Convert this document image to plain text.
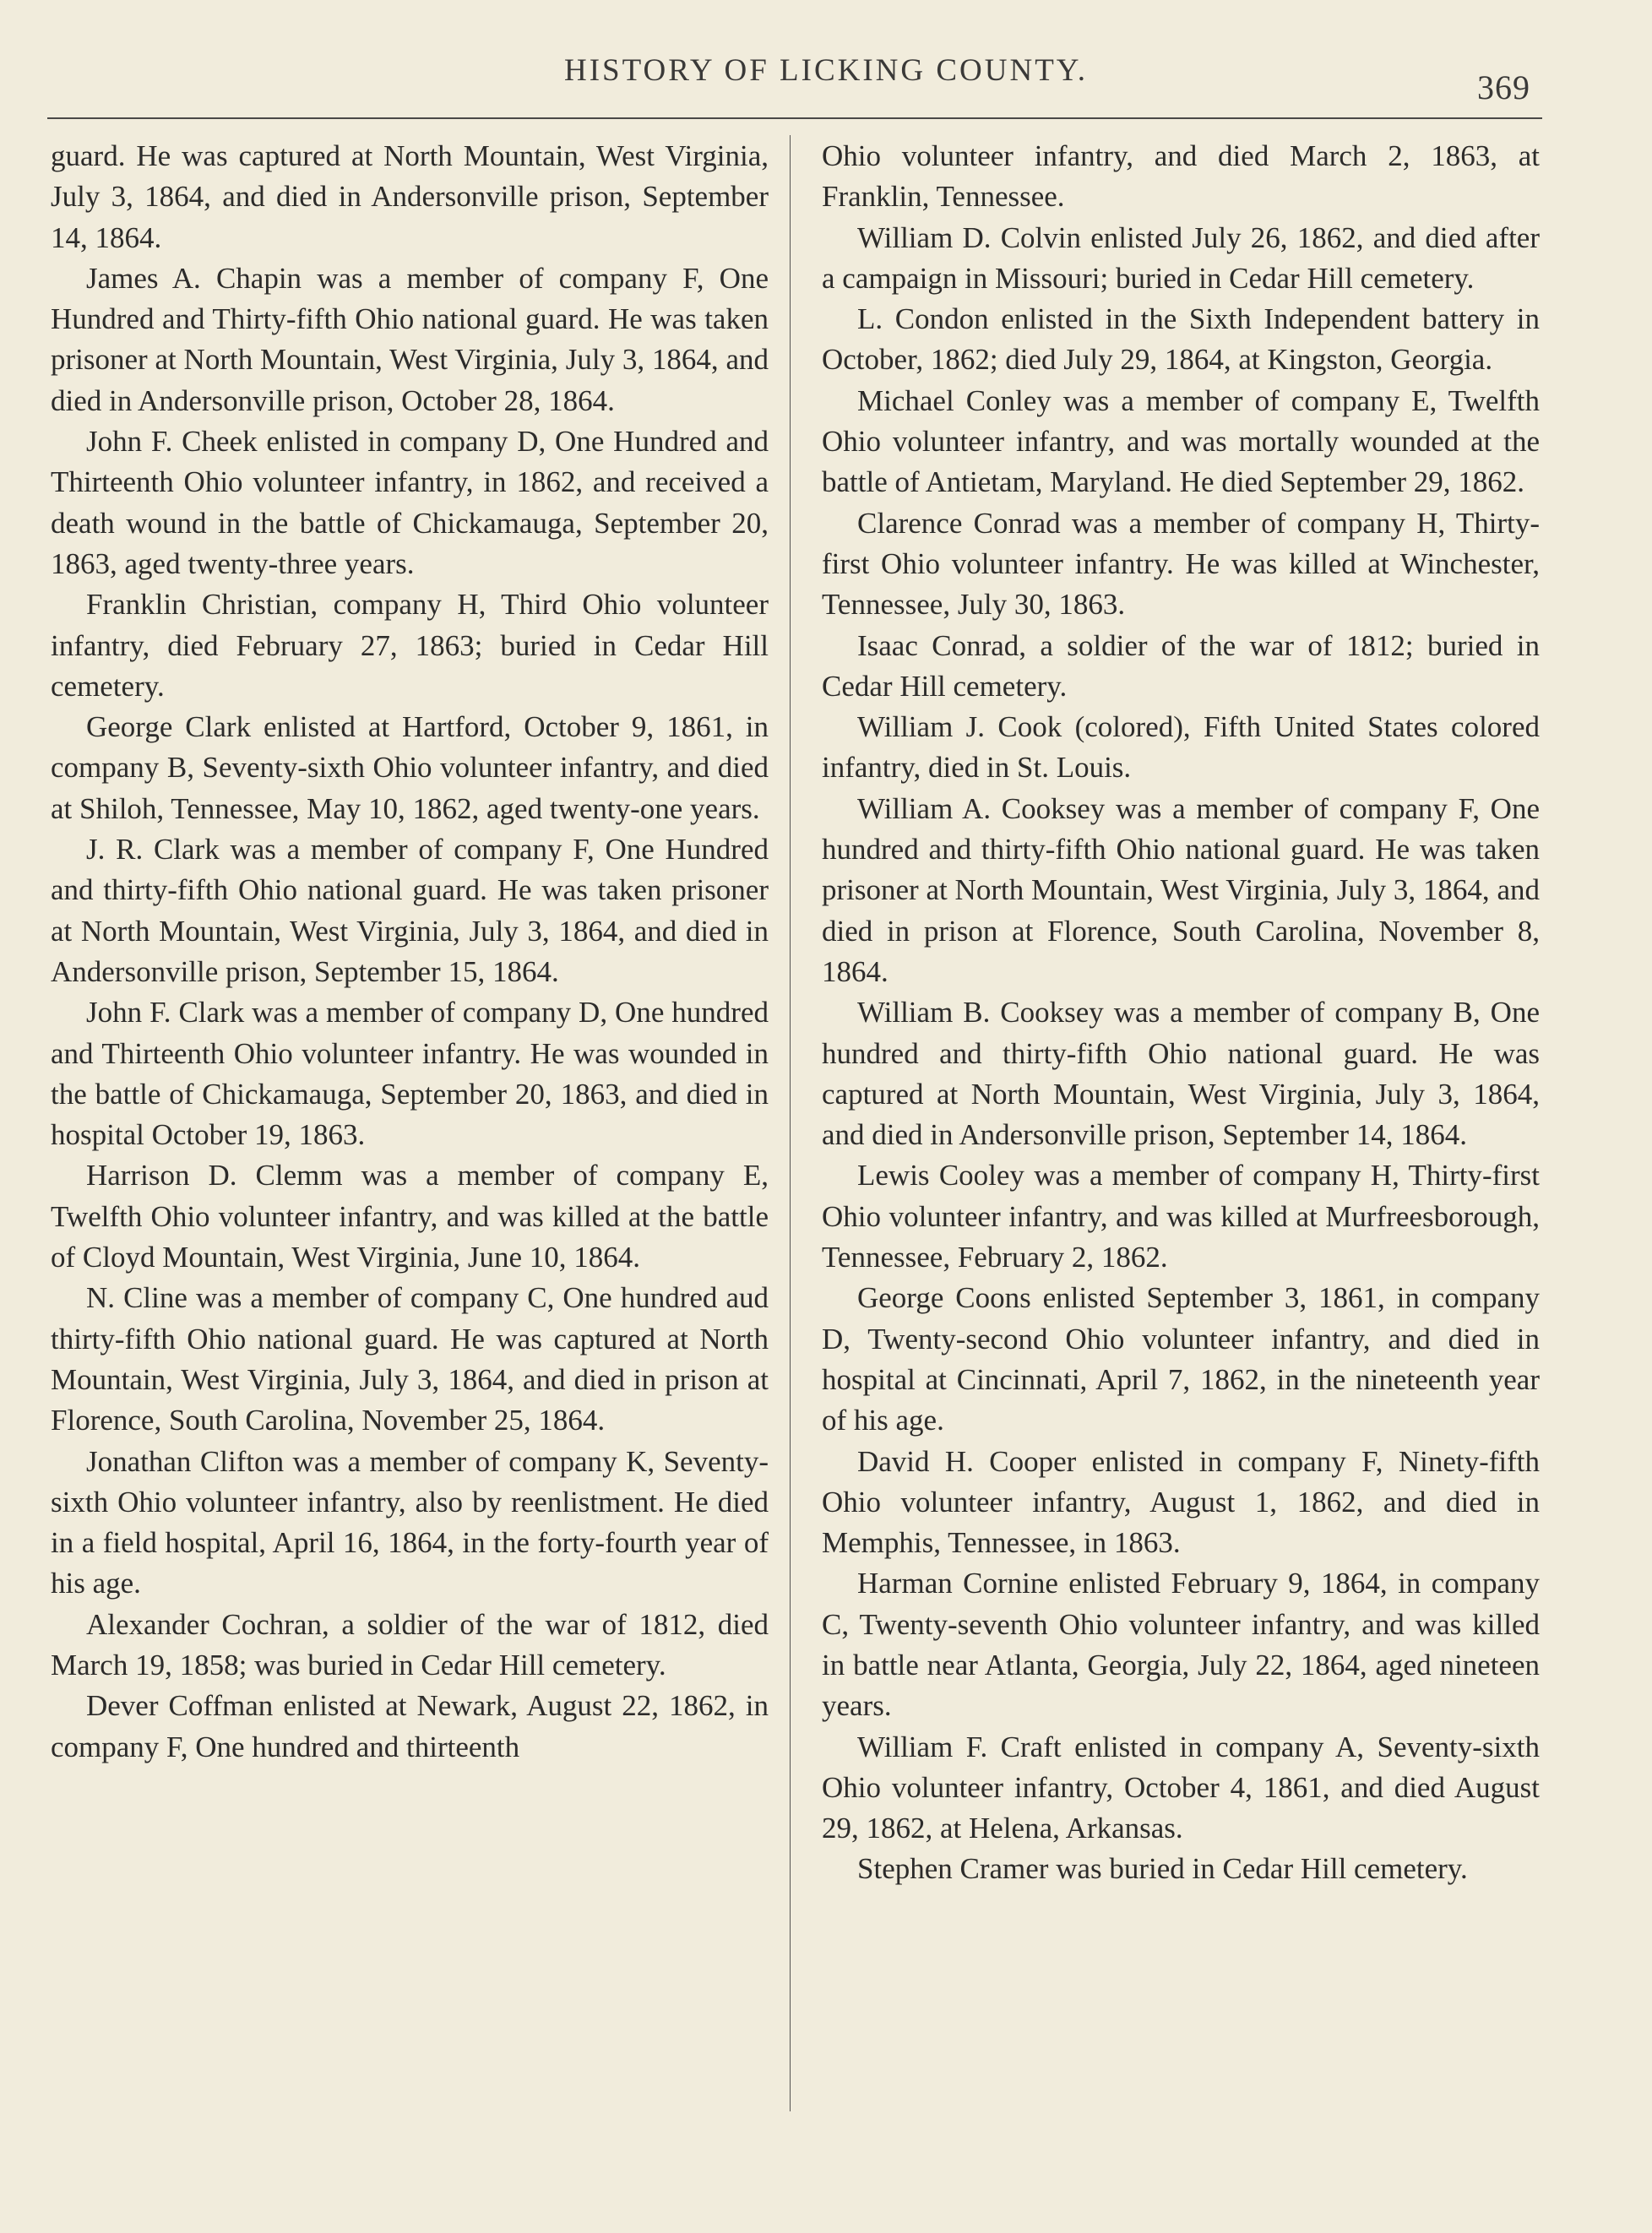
HISTORY OF LICKING COUNTY.	369

guard. He was captured at North Mountain, West Virginia, July 3, 1864, and died in Andersonville prison, September 14, 1864.

James A. Chapin was a member of company F, One Hundred and Thirty-fifth Ohio national guard. He was taken prisoner at North Mountain, West Virginia, July 3, 1864, and died in Andersonville prison, October 28, 1864.

John F. Cheek enlisted in company D, One Hundred and Thirteenth Ohio volunteer infantry, in 1862, and received a death wound in the battle of Chickamauga, September 20, 1863, aged twenty-three years.

Franklin Christian, company H, Third Ohio volunteer infantry, died February 27, 1863; buried in Cedar Hill cemetery.

George Clark enlisted at Hartford, October 9, 1861, in company B, Seventy-sixth Ohio volunteer infantry, and died at Shiloh, Tennessee, May 10, 1862, aged twenty-one years.

J. R. Clark was a member of company F, One Hundred and thirty-fifth Ohio national guard. He was taken prisoner at North Mountain, West Virginia, July 3, 1864, and died in Andersonville prison, September 15, 1864.

John F. Clark was a member of company D, One hundred and Thirteenth Ohio volunteer infantry. He was wounded in the battle of Chickamauga, September 20, 1863, and died in hospital October 19, 1863.

Harrison D. Clemm was a member of company E, Twelfth Ohio volunteer infantry, and was killed at the battle of Cloyd Mountain, West Virginia, June 10, 1864.

N. Cline was a member of company C, One hundred aud thirty-fifth Ohio national guard. He was captured at North Mountain, West Virginia, July 3, 1864, and died in prison at Florence, South Carolina, November 25, 1864.

Jonathan Clifton was a member of company K, Seventy-sixth Ohio volunteer infantry, also by reenlistment. He died in a field hospital, April 16, 1864, in the forty-fourth year of his age.

Alexander Cochran, a soldier of the war of 1812, died March 19, 1858; was buried in Cedar Hill cemetery.

Dever Coffman enlisted at Newark, August 22, 1862, in company F, One hundred and thirteenth

Ohio volunteer infantry, and died March 2, 1863, at Franklin, Tennessee.

William D. Colvin enlisted July 26, 1862, and died after a campaign in Missouri; buried in Cedar Hill cemetery.

L. Condon enlisted in the Sixth Independent battery in October, 1862; died July 29, 1864, at Kingston, Georgia.

Michael Conley was a member of company E, Twelfth Ohio volunteer infantry, and was mortally wounded at the battle of Antietam, Maryland. He died September 29, 1862.

Clarence Conrad was a member of company H, Thirty-first Ohio volunteer infantry. He was killed at Winchester, Tennessee, July 30, 1863.

Isaac Conrad, a soldier of the war of 1812; buried in Cedar Hill cemetery.

William J. Cook (colored), Fifth United States colored infantry, died in St. Louis.

William A. Cooksey was a member of company F, One hundred and thirty-fifth Ohio national guard. He was taken prisoner at North Mountain, West Virginia, July 3, 1864, and died in prison at Florence, South Carolina, November 8, 1864.

William B. Cooksey was a member of company B, One hundred and thirty-fifth Ohio national guard. He was captured at North Mountain, West Virginia, July 3, 1864, and died in Andersonville prison, September 14, 1864.

Lewis Cooley was a member of company H, Thirty-first Ohio volunteer infantry, and was killed at Murfreesborough, Tennessee, February 2, 1862.

George Coons enlisted September 3, 1861, in company D, Twenty-second Ohio volunteer infantry, and died in hospital at Cincinnati, April 7, 1862, in the nineteenth year of his age.

David H. Cooper enlisted in company F, Ninety-fifth Ohio volunteer infantry, August 1, 1862, and died in Memphis, Tennessee, in 1863.

Harman Cornine enlisted February 9, 1864, in company C, Twenty-seventh Ohio volunteer infantry, and was killed in battle near Atlanta, Georgia, July 22, 1864, aged nineteen years.

William F. Craft enlisted in company A, Seventy-sixth Ohio volunteer infantry, October 4, 1861, and died August 29, 1862, at Helena, Arkansas.

Stephen Cramer was buried in Cedar Hill cemetery.
